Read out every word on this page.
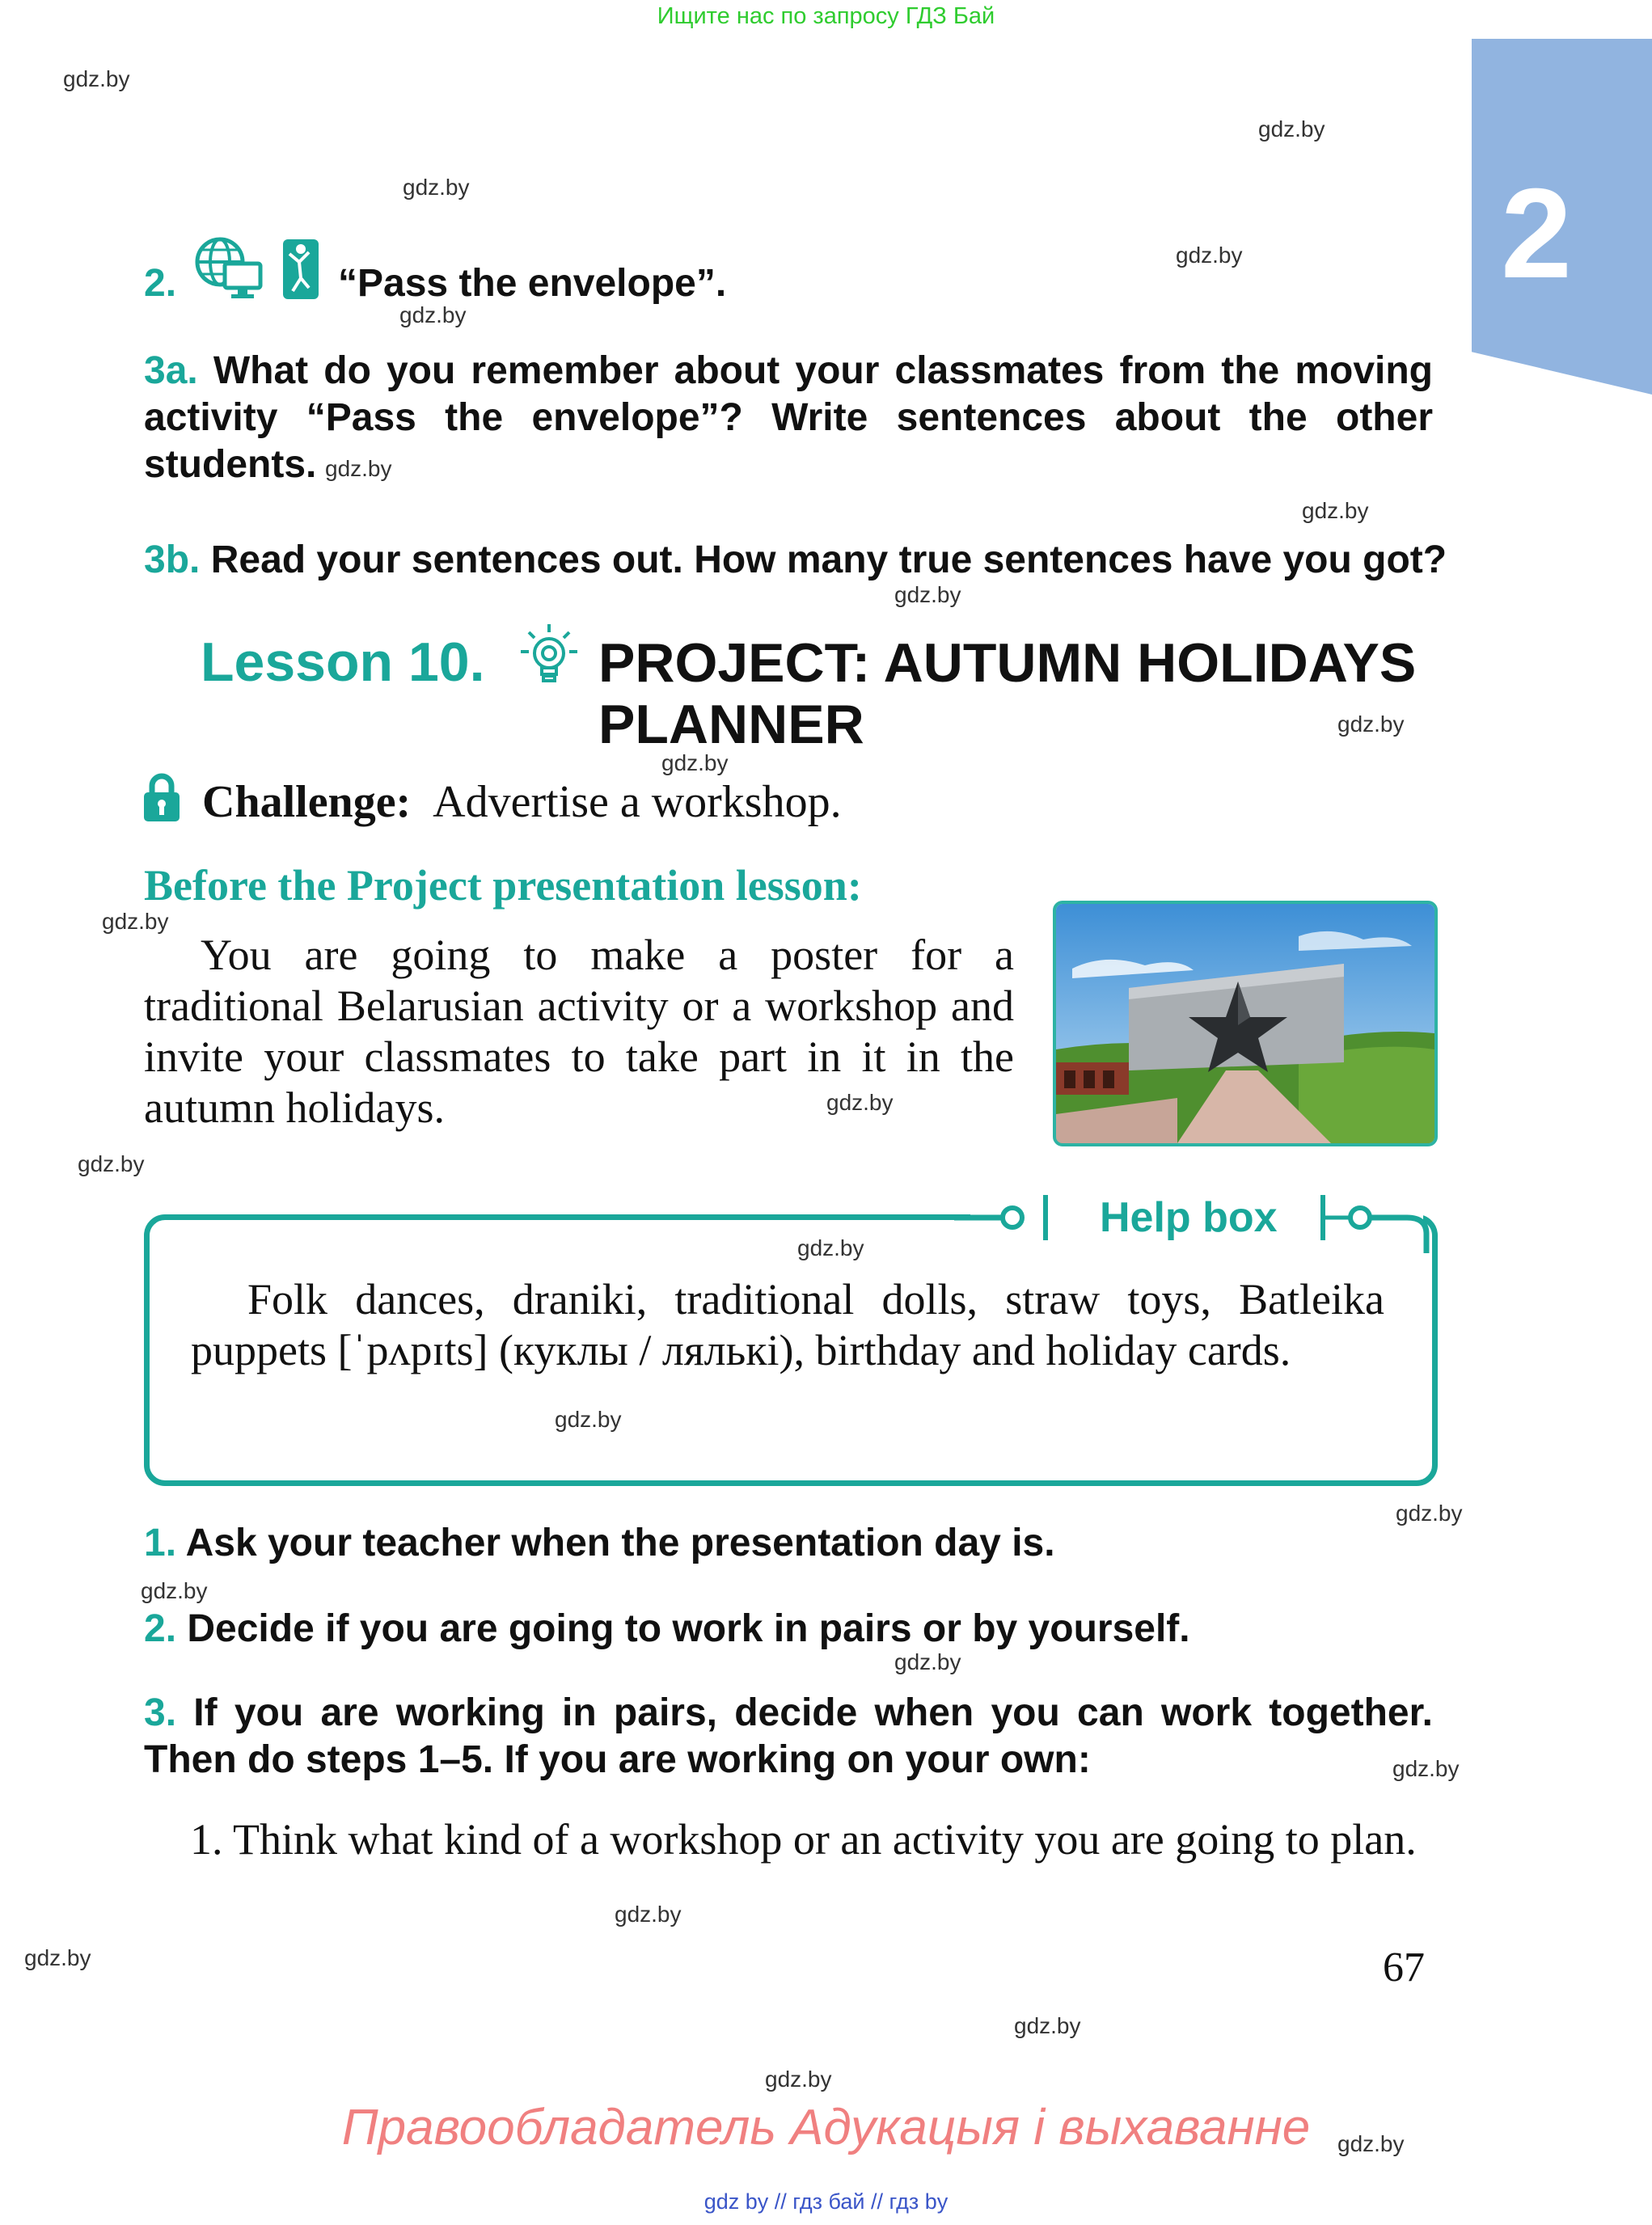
Ищите нас по запросу ГДЗ Бай
2
2.	“Pass the envelope”.
3a. What do you remember about your classmates from the moving activity “Pass the envelope”? Write sentences about the other students.
3b. Read your sentences out. How many true sentences have you got?
Lesson 10. PROJECT: AUTUMN HOLIDAYS
PLANNER
Challenge: Advertise a workshop.
Before the Project presentation lesson:
You are going to make a poster for a traditional Belarusian activity or a workshop and invite your classmates to take part in it in the autumn holidays.
Help box
Folk dances, draniki, traditional dolls, straw toys, Batleika puppets [ˈpʌpɪts] (куклы / лялькі), birthday and holiday cards.
1. Ask your teacher when the presentation day is.
2. Decide if you are going to work in pairs or by yourself.
3. If you are working in pairs, decide when you can work together. Then do steps 1–5. If you are working on your own:
1. Think what kind of a workshop or an activity you are going to plan.
67
Правообладатель Адукацыя і выхаванне
gdz by // гдз бай // гдз by
gdz.by
gdz.by
gdz.by
gdz.by
gdz.by
gdz.by
gdz.by
gdz.by
gdz.by
gdz.by
gdz.by
gdz.by
gdz.by
gdz.by
gdz.by
gdz.by
gdz.by
gdz.by
gdz.by
gdz.by
gdz.by
gdz.by
gdz.by
gdz.by
